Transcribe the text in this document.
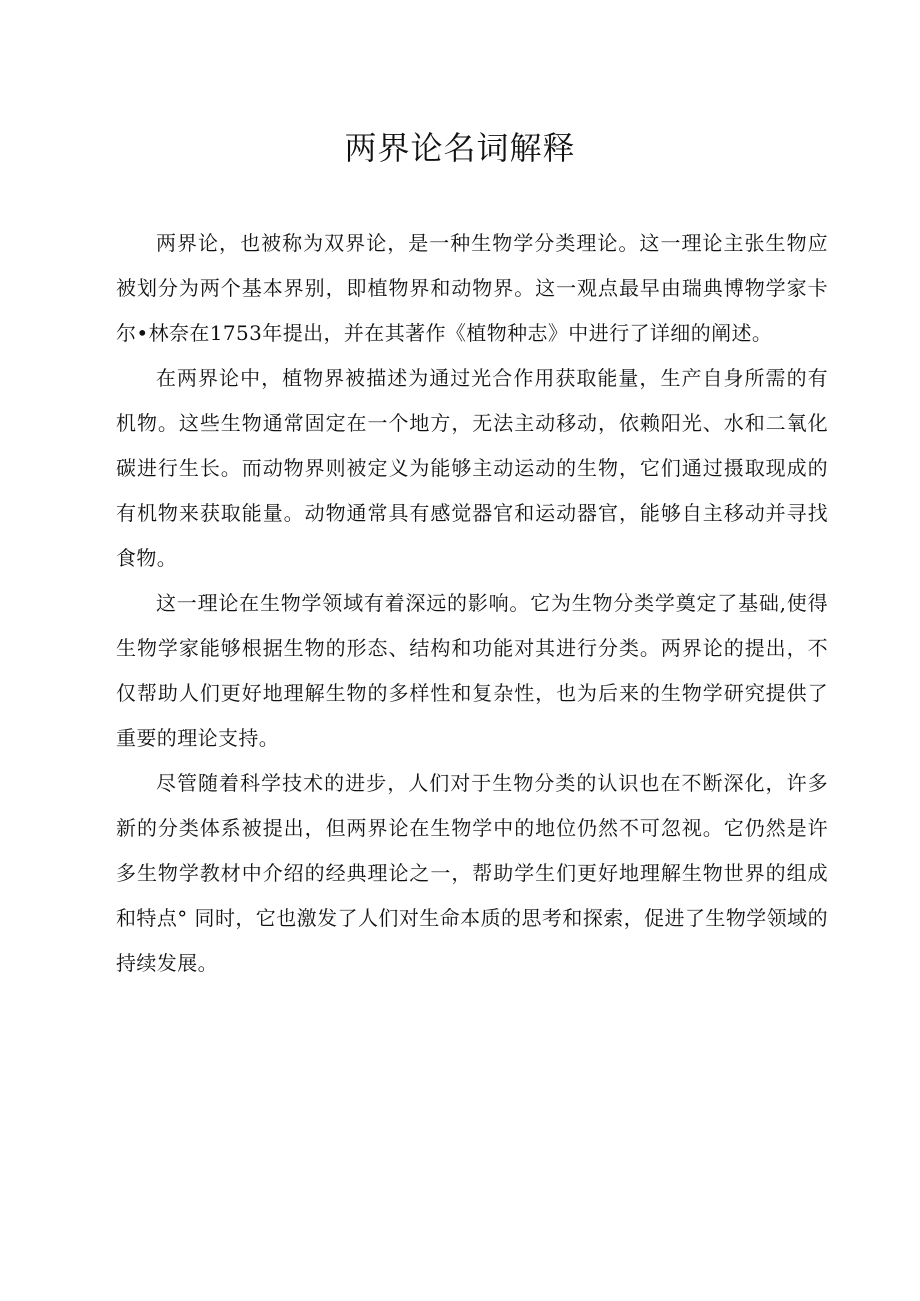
两界论名词解释

两界论，也被称为双界论，是一种生物学分类理论。这一理论主张生物应被划分为两个基本界别，即植物界和动物界。这一观点最早由瑞典博物学家卡尔•林奈在1753年提出，并在其著作《植物种志》中进行了详细的阐述。

在两界论中，植物界被描述为通过光合作用获取能量，生产自身所需的有机物。这些生物通常固定在一个地方，无法主动移动，依赖阳光、水和二氧化碳进行生长。而动物界则被定义为能够主动运动的生物，它们通过摄取现成的有机物来获取能量。动物通常具有感觉器官和运动器官，能够自主移动并寻找食物。

这一理论在生物学领域有着深远的影响。它为生物分类学奠定了基础,使得生物学家能够根据生物的形态、结构和功能对其进行分类。两界论的提出，不仅帮助人们更好地理解生物的多样性和复杂性，也为后来的生物学研究提供了重要的理论支持。

尽管随着科学技术的进步，人们对于生物分类的认识也在不断深化，许多新的分类体系被提出，但两界论在生物学中的地位仍然不可忽视。它仍然是许多生物学教材中介绍的经典理论之一，帮助学生们更好地理解生物世界的组成和特点° 同时，它也激发了人们对生命本质的思考和探索，促进了生物学领域的持续发展。
